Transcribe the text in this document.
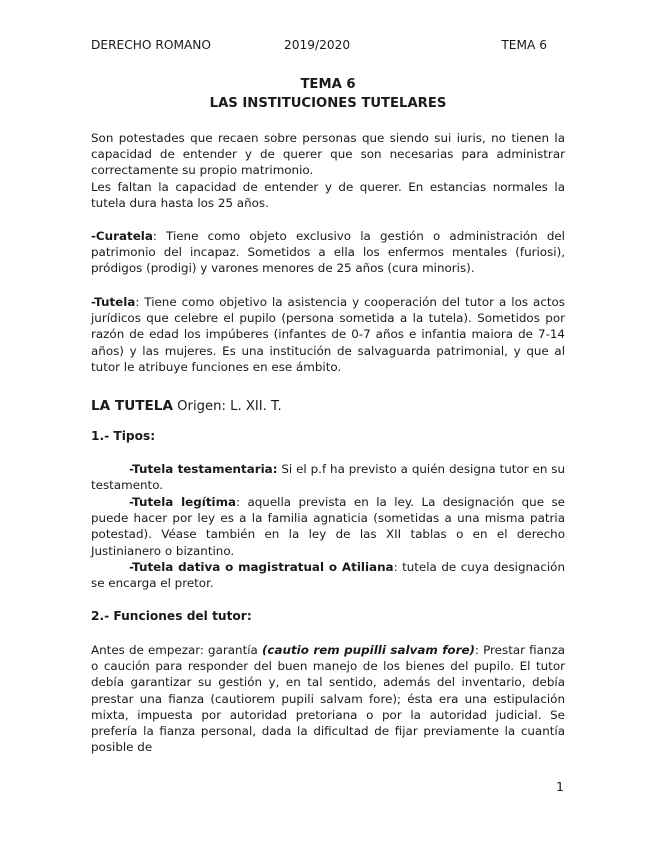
DERECHO ROMANO	2019/2020	TEMA 6
TEMA 6
LAS INSTITUCIONES TUTELARES

Son potestades que recaen sobre personas que siendo sui iuris, no tienen la capacidad de entender y de querer que son necesarias para administrar correctamente su propio matrimonio.

Les faltan la capacidad de entender y de querer. En estancias normales la tutela dura hasta los 25 años.

-Curatela: Tiene como objeto exclusivo la gestión o administración del patrimonio del incapaz. Sometidos a ella los enfermos mentales (furiosi), pródigos (prodigi) y varones menores de 25 años (cura minoris).

-Tutela: Tiene como objetivo la asistencia y cooperación del tutor a los actos jurídicos que celebre el pupilo (persona sometida a la tutela). Sometidos por razón de edad los impúberes (infantes de 0-7 años e infantia maiora de 7-14 años) y las mujeres. Es una institución de salvaguarda patrimonial, y que al tutor le atribuye funciones en ese ámbito.

LA TUTELA Origen: L. XII. T.

1.- Tipos:

-Tutela testamentaria: Si el p.f ha previsto a quién designa tutor en su testamento.

-Tutela legítima: aquella prevista en la ley. La designación que se puede hacer por ley es a la familia agnaticia (sometidas a una misma patria potestad). Véase también en la ley de las XII tablas o en el derecho Justinianero o bizantino.

-Tutela dativa o magistratual o Atiliana: tutela de cuya designación se encarga el pretor.

2.- Funciones del tutor:

Antes de empezar: garantía (cautio rem pupilli salvam fore): Prestar fianza o caución para responder del buen manejo de los bienes del pupilo. El tutor debía garantizar su gestión y, en tal sentido, además del inventario, debía prestar una fianza (cautiorem pupili salvam fore); ésta era una estipulación mixta, impuesta por autoridad pretoriana o por la autoridad judicial. Se prefería la fianza personal, dada la dificultad de fijar previamente la cuantía posible de

1
